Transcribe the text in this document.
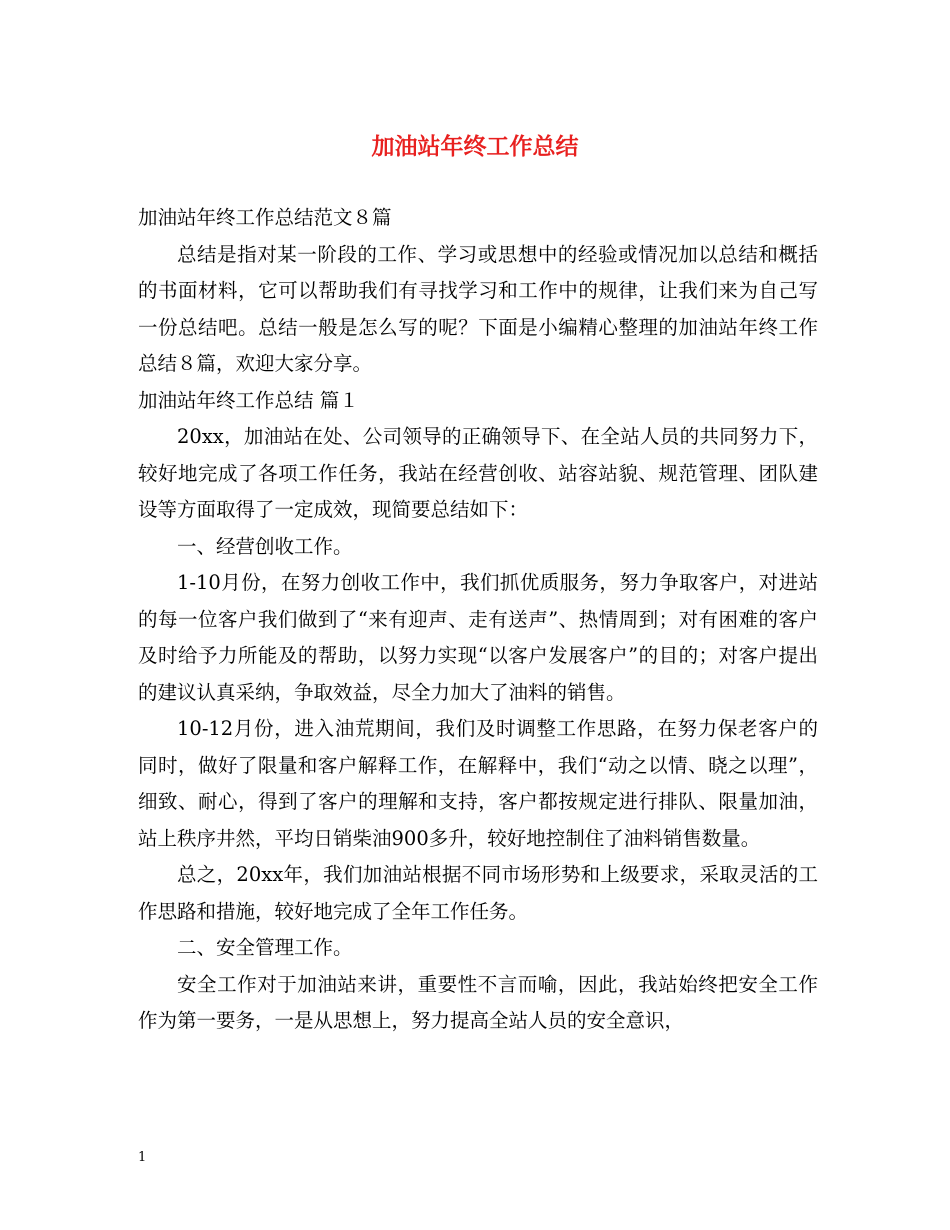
加油站年终工作总结

加油站年终工作总结范文８篇

总结是指对某一阶段的工作、学习或思想中的经验或情况加以总结和概括的书面材料，它可以帮助我们有寻找学习和工作中的规律，让我们来为自己写一份总结吧。总结一般是怎么写的呢？下面是小编精心整理的加油站年终工作总结８篇，欢迎大家分享。

加油站年终工作总结 篇１

20xx，加油站在处、公司领导的正确领导下、在全站人员的共同努力下，较好地完成了各项工作任务，我站在经营创收、站容站貌、规范管理、团队建设等方面取得了一定成效，现简要总结如下：

一、经营创收工作。

1-10月份，在努力创收工作中，我们抓优质服务，努力争取客户，对进站的每一位客户我们做到了“来有迎声、走有送声”、热情周到；对有困难的客户及时给予力所能及的帮助，以努力实现“以客户发展客户”的目的；对客户提出的建议认真采纳，争取效益，尽全力加大了油料的销售。

10-12月份，进入油荒期间，我们及时调整工作思路，在努力保老客户的同时，做好了限量和客户解释工作，在解释中，我们“动之以情、晓之以理”，细致、耐心，得到了客户的理解和支持，客户都按规定进行排队、限量加油，站上秩序井然，平均日销柴油900多升，较好地控制住了油料销售数量。

总之，20xx年，我们加油站根据不同市场形势和上级要求，采取灵活的工作思路和措施，较好地完成了全年工作任务。

二、安全管理工作。

安全工作对于加油站来讲，重要性不言而喻，因此，我站始终把安全工作作为第一要务，一是从思想上，努力提高全站人员的安全意识，

1
